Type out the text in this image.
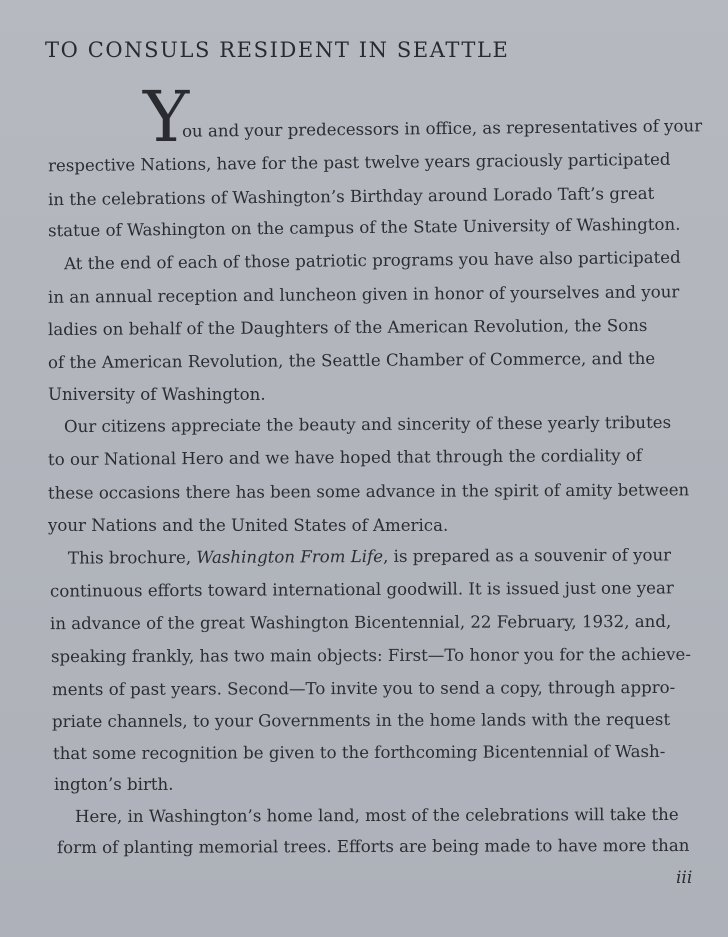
TO CONSULS RESIDENT IN SEATTLE
Y
ou and your predecessors in office, as representatives of your
respective Nations, have for the past twelve years graciously participated
in the celebrations of Washington’s Birthday around Lorado Taft’s great
statue of Washington on the campus of the State University of Washington.
At the end of each of those patriotic programs you have also participated
in an annual reception and luncheon given in honor of yourselves and your
ladies on behalf of the Daughters of the American Revolution, the Sons
of the American Revolution, the Seattle Chamber of Commerce, and the
University of Washington.
Our citizens appreciate the beauty and sincerity of these yearly tributes
to our National Hero and we have hoped that through the cordiality of
these occasions there has been some advance in the spirit of amity between
your Nations and the United States of America.
This brochure, Washington From Life, is prepared as a souvenir of your
continuous efforts toward international goodwill. It is issued just one year
in advance of the great Washington Bicentennial, 22 February, 1932, and,
speaking frankly, has two main objects: First—To honor you for the achieve-
ments of past years. Second—To invite you to send a copy, through appro-
priate channels, to your Governments in the home lands with the request
that some recognition be given to the forthcoming Bicentennial of Wash-
ington’s birth.
Here, in Washington’s home land, most of the celebrations will take the
form of planting memorial trees. Efforts are being made to have more than
iii
